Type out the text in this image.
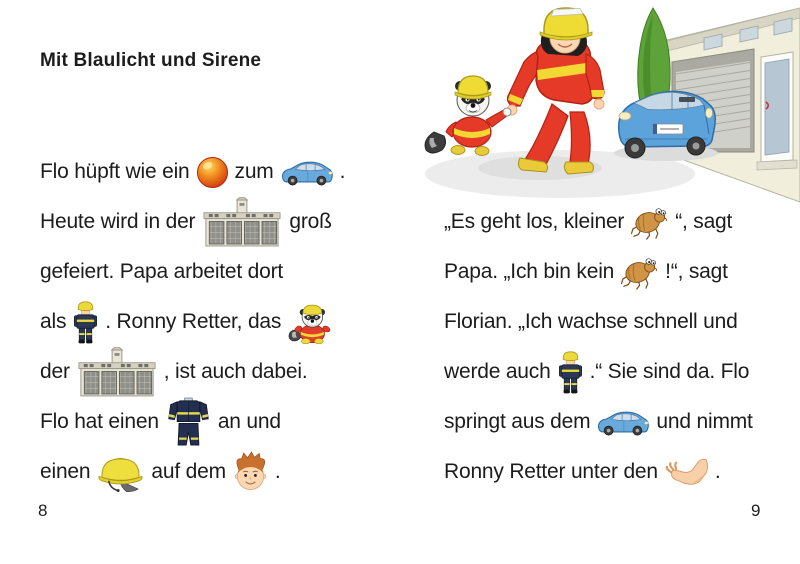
Mit Blaulicht und Sirene
Flo hüpft wie ein zum	.
Heute wird in der	groß
gefeiert. Papa arbeitet dort
als . Ronny Retter, das
der	, ist auch dabei.
Flo hat einen	an und
einen	auf dem .
8
„Es geht los, kleiner “, sagt
Papa. „Ich bin kein !“, sagt
Florian. „Ich wachse schnell und
werde auch .“ Sie sind da. Flo
springt aus dem	und nimmt
Ronny Retter unter den	.
9
